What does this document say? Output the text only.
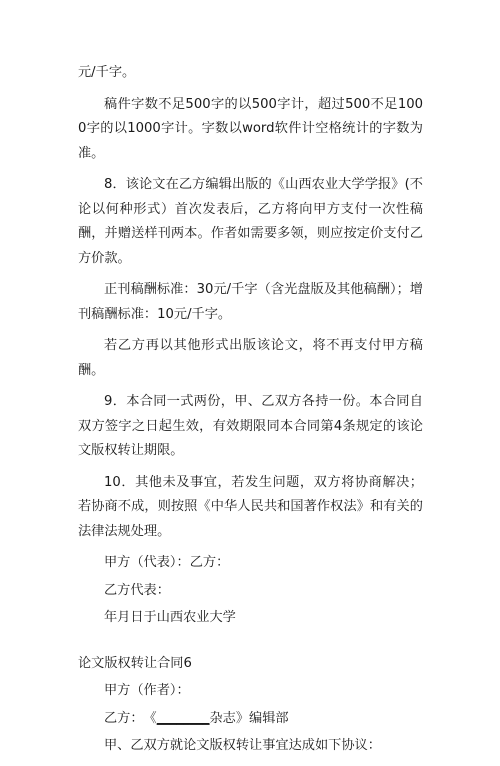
元/千字。

稿件字数不足500字的以500字计，超过500不足1000字的以1000字计。字数以word软件计空格统计的字数为准。

8．该论文在乙方编辑出版的《山西农业大学学报》(不论以何种形式）首次发表后，乙方将向甲方支付一次性稿酬，并赠送样刊两本。作者如需要多领，则应按定价支付乙方价款。

正刊稿酬标准：30元/千字（含光盘版及其他稿酬）；增刊稿酬标准：10元/千字。

若乙方再以其他形式出版该论文，将不再支付甲方稿酬。

9．本合同一式两份，甲、乙双方各持一份。本合同自双方签字之日起生效，有效期限同本合同第4条规定的该论文版权转让期限。

10．其他未及事宜，若发生问题，双方将协商解决；若协商不成，则按照《中华人民共和国著作权法》和有关的法律法规处理。

甲方（代表）：乙方：

乙方代表：

年月日于山西农业大学

论文版权转让合同6

甲方（作者）：

乙方：　《________杂志》编辑部

甲、乙双方就论文版权转让事宜达成如下协议：
